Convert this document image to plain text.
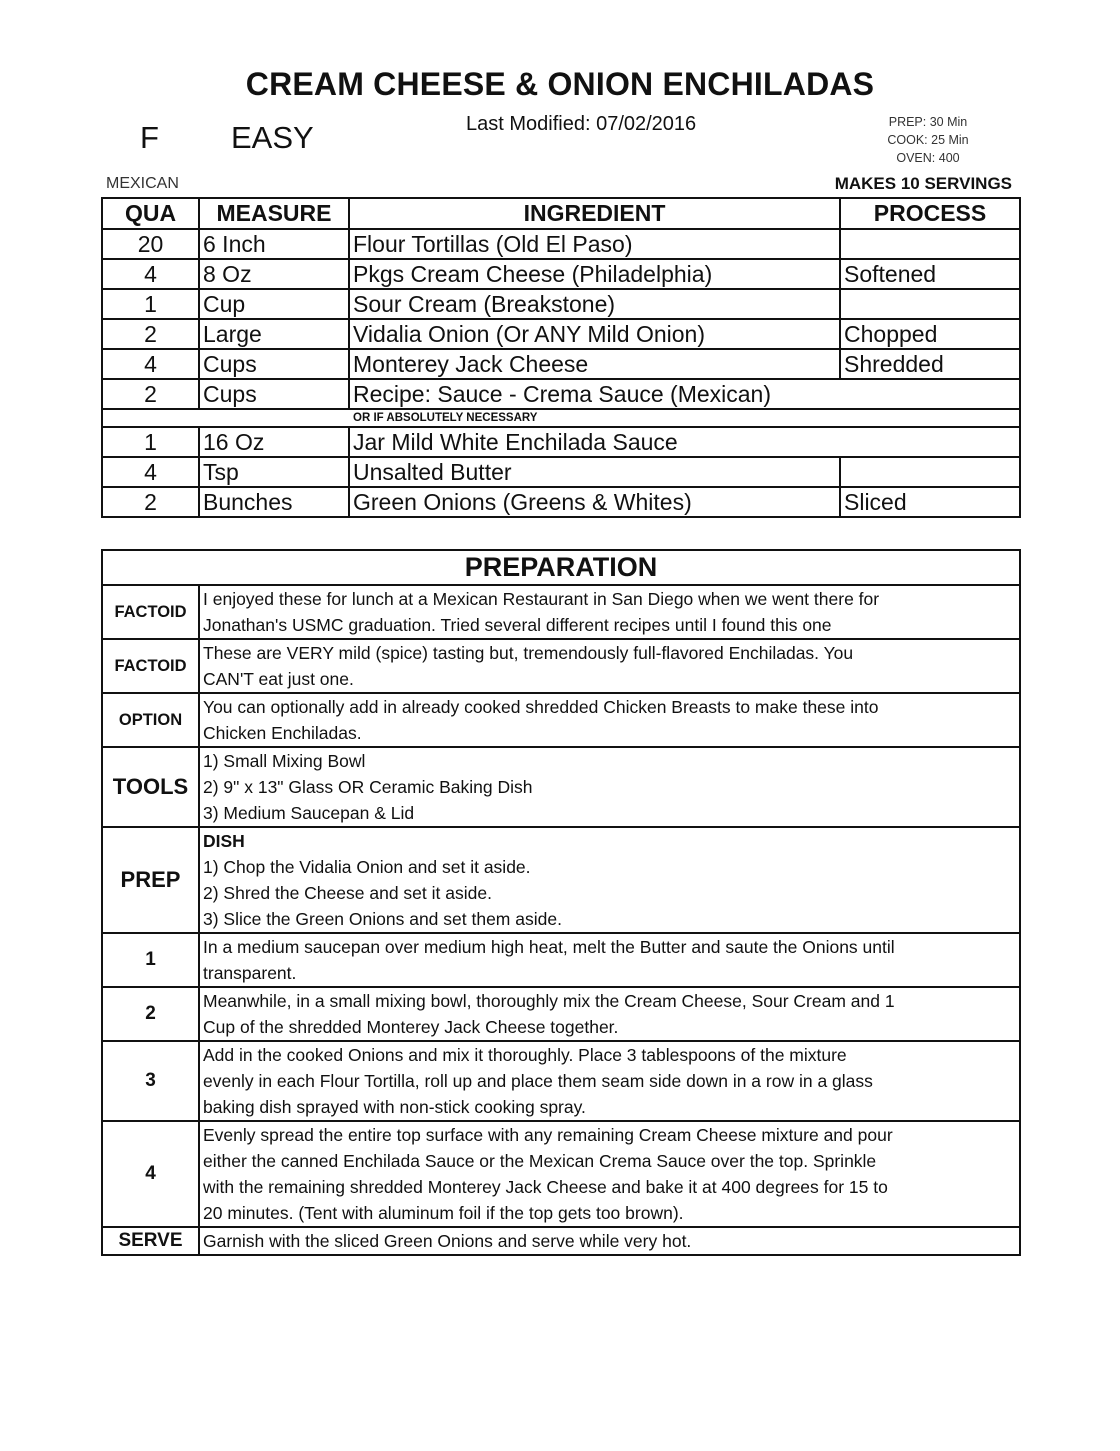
CREAM CHEESE & ONION ENCHILADAS
F EASY	Last Modified: 07/02/2016	PREP: 30 Min
COOK: 25 Min
OVEN: 400
MEXICAN	MAKES 10 SERVINGS
QUA	MEASURE	INGREDIENT	PROCESS
20	6 Inch	Flour Tortillas (Old El Paso)	
4	8 Oz	Pkgs Cream Cheese (Philadelphia)	Softened
1	Cup	Sour Cream (Breakstone)	
2	Large	Vidalia Onion (Or ANY Mild Onion)	Chopped
4	Cups	Monterey Jack Cheese	Shredded
2	Cups	Recipe: Sauce - Crema Sauce (Mexican)	
OR IF ABSOLUTELY NECESSARY			
1	16 Oz	Jar Mild White Enchilada Sauce	
4	Tsp	Unsalted Butter	
2	Bunches	Green Onions (Greens & Whites)	Sliced
PREPARATION	
FACTOID	I enjoyed these for lunch at a Mexican Restaurant in San Diego when we went there for
Jonathan's USMC graduation. Tried several different recipes until I found this one

FACTOID	These are VERY mild (spice) tasting but, tremendously full-flavored Enchiladas. You
CAN'T eat just one.

OPTION	You can optionally add in already cooked shredded Chicken Breasts to make these into
Chicken Enchiladas.

TOOLS	1) Small Mixing Bowl
2) 9" x 13" Glass OR Ceramic Baking Dish
3) Medium Saucepan & Lid

PREP	DISH
1) Chop the Vidalia Onion and set it aside.
2) Shred the Cheese and set it aside.
3) Slice the Green Onions and set them aside.

1	In a medium saucepan over medium high heat, melt the Butter and saute the Onions until
transparent.

2	Meanwhile, in a small mixing bowl, thoroughly mix the Cream Cheese, Sour Cream and 1
Cup of the shredded Monterey Jack Cheese together.

3	Add in the cooked Onions and mix it thoroughly. Place 3 tablespoons of the mixture
evenly in each Flour Tortilla, roll up and place them seam side down in a row in a glass
baking dish sprayed with non-stick cooking spray.

4	Evenly spread the entire top surface with any remaining Cream Cheese mixture and pour
either the canned Enchilada Sauce or the Mexican Crema Sauce over the top. Sprinkle
with the remaining shredded Monterey Jack Cheese and bake it at 400 degrees for 15 to
20 minutes. (Tent with aluminum foil if the top gets too brown).

SERVE	Garnish with the sliced Green Onions and serve while very hot.
